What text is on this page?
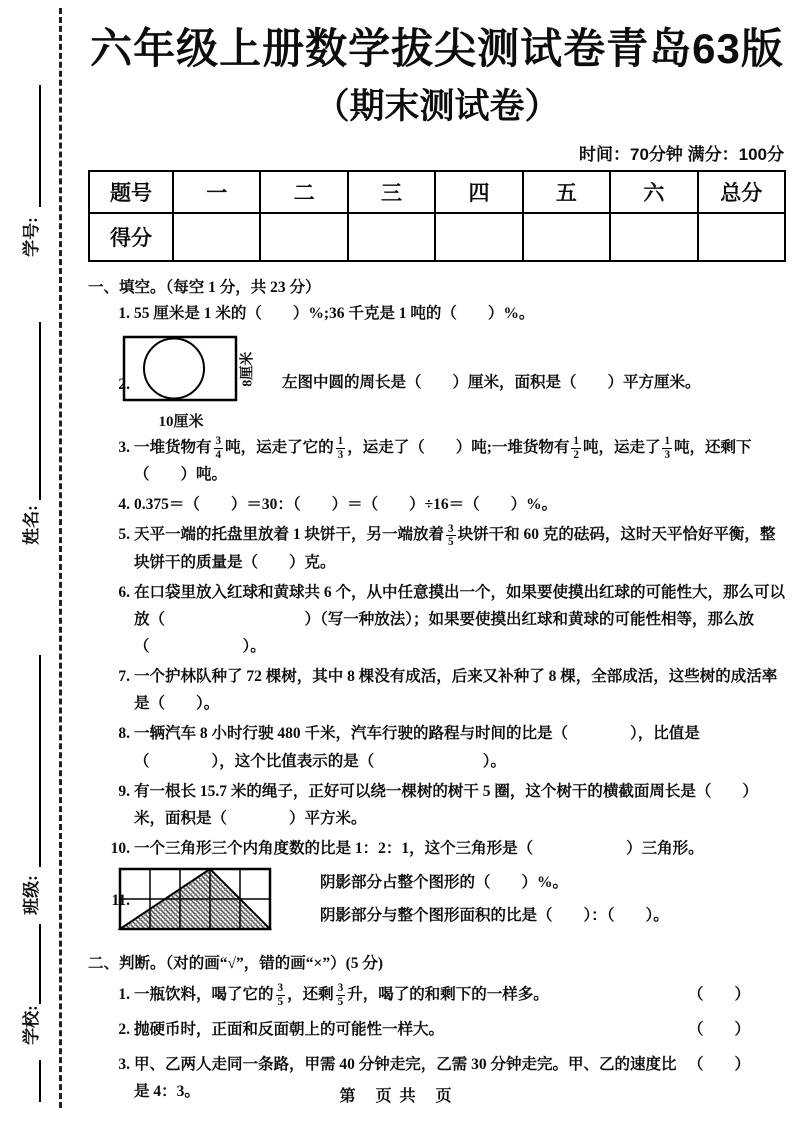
学号:
姓名:
班级:
学校:
六年级上册数学拔尖测试卷青岛63版
（期末测试卷）
时间：70分钟 满分：100分
题号	一	二	三	四	五	六	总分
得分							
一、填空。（每空 1 分，共 23 分）
1. 55 厘米是 1 米的（　　）%;36 千克是 1 吨的（　　）%。
2.	8厘米
10厘米
左图中圆的周长是（　　）厘米，面积是（　　）平方厘米。
3. 一堆货物有 $\frac{3}{4}$ 吨，运走了它的 $\frac{1}{3}$ ，运走了（　　）吨;一堆货物有 $\frac{1}{2}$ 吨，运走了 $\frac{1}{3}$ 吨，还剩下（　　）吨。
4. 0.375＝（　　）＝30：（　　）＝（　　）÷16＝（　　）%。
5. 天平一端的托盘里放着 1 块饼干，另一端放着 $\frac{3}{5}$ 块饼干和 60 克的砝码，这时天平恰好平衡，整块饼干的质量是（　　）克。
6. 在口袋里放入红球和黄球共 6 个，从中任意摸出一个，如果要使摸出红球的可能性大，那么可以放（　　　　　　　　　）（写一种放法）；如果要使摸出红球和黄球的可能性相等，那么放（　　　　　　）。
7. 一个护林队种了 72 棵树，其中 8 棵没有成活，后来又补种了 8 棵，全部成活，这些树的成活率是（　　）。
8. 一辆汽车 8 小时行驶 480 千米，汽车行驶的路程与时间的比是（　　　　），比值是（　　　　），这个比值表示的是（　　　　　　　）。
9. 有一根长 15.7 米的绳子，正好可以绕一棵树的树干 5 圈，这个树干的横截面周长是（　　）米，面积是（　　　　）平方米。
10. 一个三角形三个内角度数的比是 1：2：1，这个三角形是（　　　　　　）三角形。
11.
阴影部分占整个图形的（　　）%。
阴影部分与整个图形面积的比是（　　）：（　　）。
二、判断。（对的画“√”，错的画“×”）(5 分)
1. 一瓶饮料，喝了它的 $\frac{3}{5}$ ，还剩 $\frac{3}{5}$ 升，喝了的和剩下的一样多。	（　　）
2. 抛硬币时，正面和反面朝上的可能性一样大。	（　　）
3. 甲、乙两人走同一条路，甲需 40 分钟走完，乙需 30 分钟走完。甲、乙的速度比是 4：3。
（　　）
第　页 共　页
